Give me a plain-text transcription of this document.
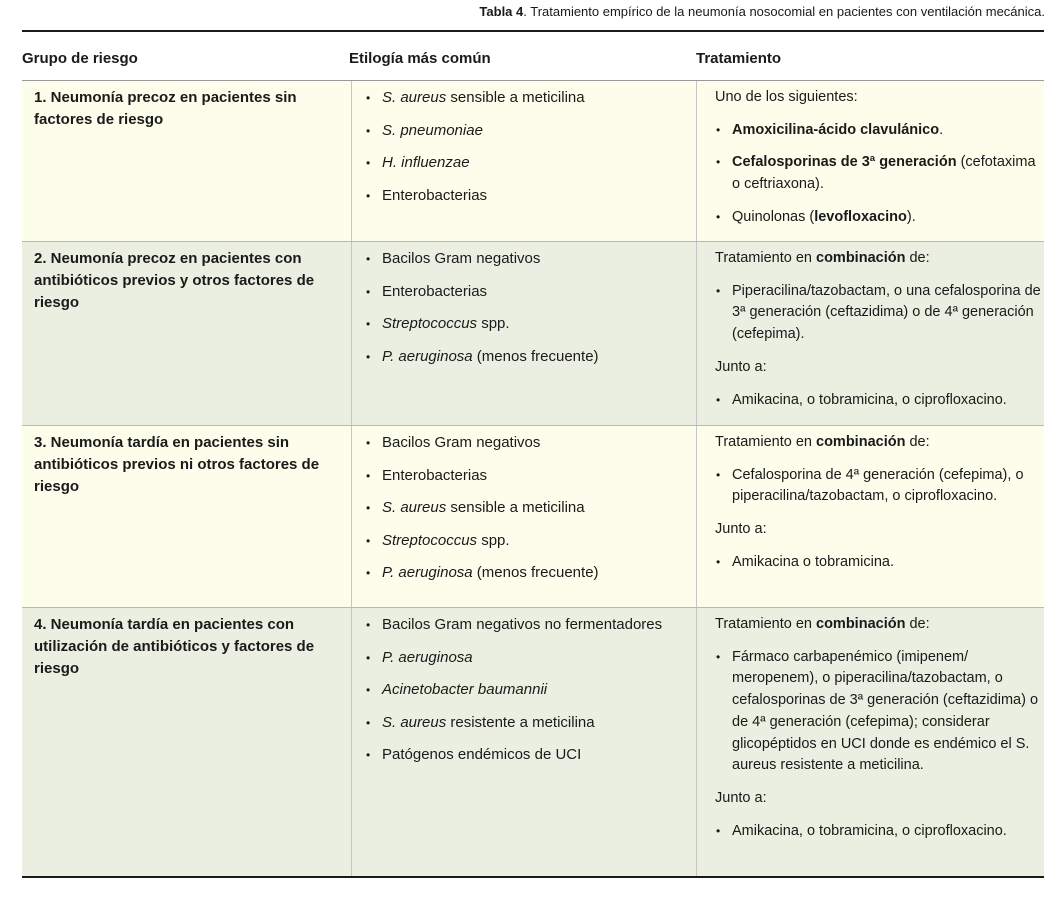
Tabla 4. Tratamiento empírico de la neumonía nosocomial en pacientes con ventilación mecánica.
Grupo de riesgo	Etilogía más común	Tratamiento
1. Neumonía precoz en pacientes sin factores de riesgo
• S. aureus sensible a meticilina
• S. pneumoniae
• H. influenzae
• Enterobacterias

Uno de los siguientes:

• Amoxicilina-ácido clavulánico.
• Cefalosporinas de 3ª generación (cefotaxima o ceftriaxona).
• Quinolonas (levofloxacino).
2. Neumonía precoz en pacientes con antibióticos previos y otros factores de riesgo
• Bacilos Gram negativos
• Enterobacterias
• Streptococcus spp.
• P. aeruginosa (menos frecuente)

Tratamiento en combinación de:

• Piperacilina/tazobactam, o una cefalosporina de 3ª generación (ceftazidima) o de 4ª generación (cefepima).

Junto a:

• Amikacina, o tobramicina, o ciprofloxacino.
3. Neumonía tardía en pacientes sin antibióticos previos ni otros factores de riesgo
• Bacilos Gram negativos
• Enterobacterias
• S. aureus sensible a meticilina
• Streptococcus spp.
• P. aeruginosa (menos frecuente)

Tratamiento en combinación de:

• Cefalosporina de 4ª generación (cefepima), o piperacilina/tazobactam, o ciprofloxacino.

Junto a:

• Amikacina o tobramicina.
4. Neumonía tardía en pacientes con utilización de antibióticos y factores de riesgo
• Bacilos Gram negativos no fermentadores
• P. aeruginosa
• Acinetobacter baumannii
• S. aureus resistente a meticilina
• Patógenos endémicos de UCI

Tratamiento en combinación de:

• Fármaco carbapenémico (imipenem/ meropenem), o piperacilina/tazobactam, o cefalosporinas de 3ª generación (ceftazidima) o de 4ª generación (cefepima); considerar glicopéptidos en UCI donde es endémico el S. aureus resistente a meticilina.

Junto a:

• Amikacina, o tobramicina, o ciprofloxacino.
